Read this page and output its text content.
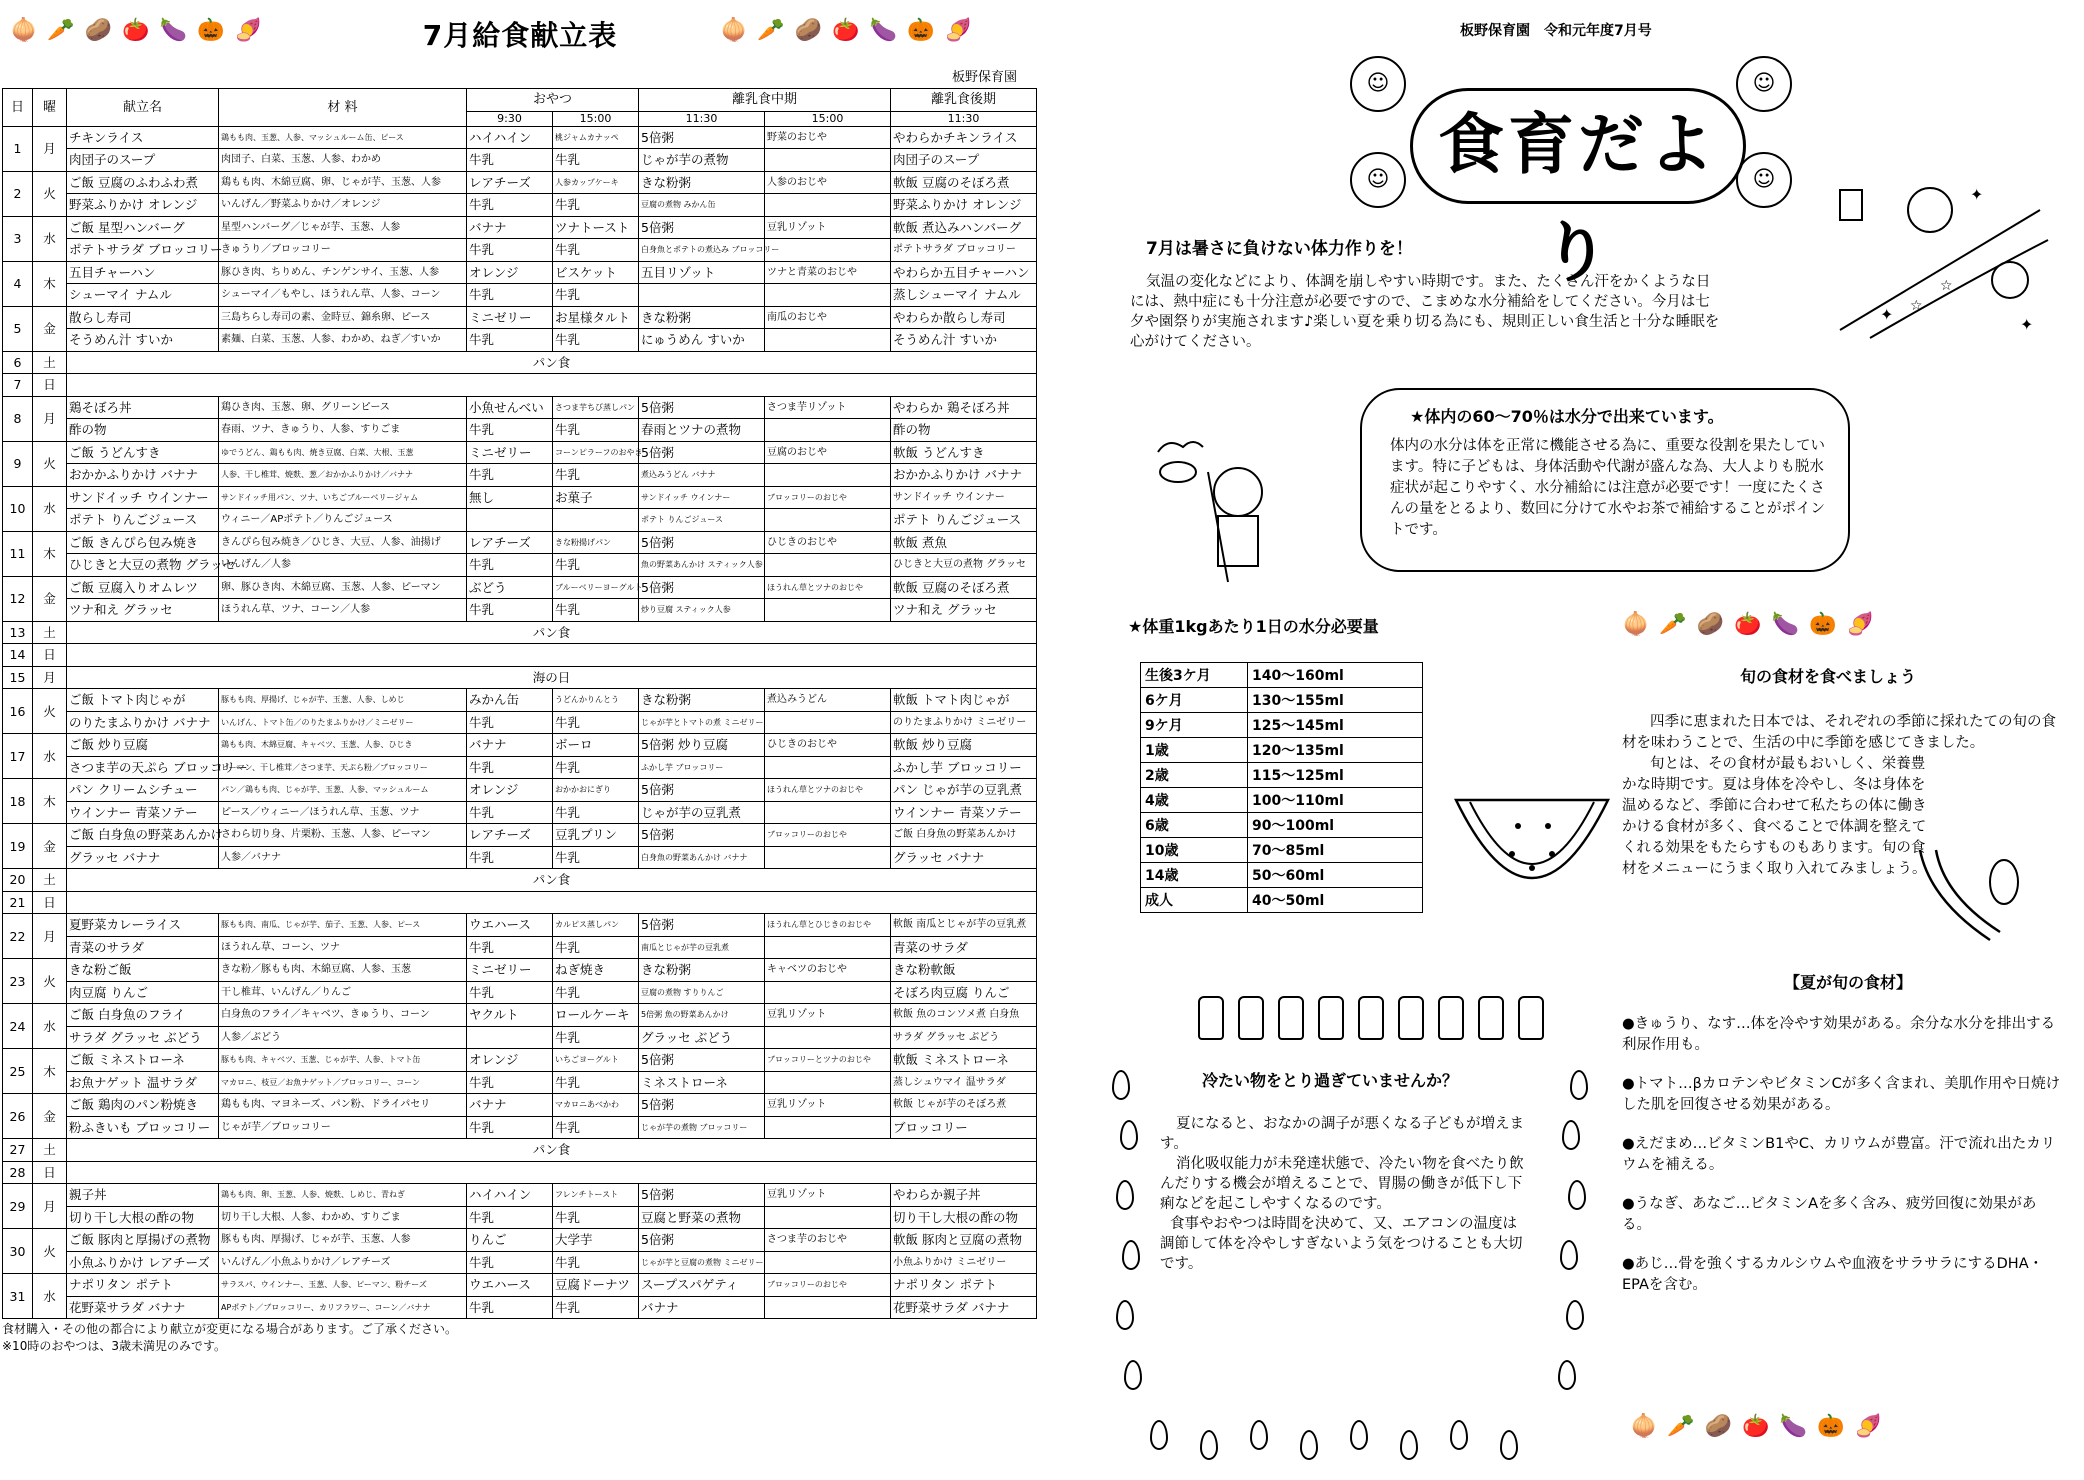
🧅 🥕 🥔 🍅 🍆 🎃 🍠	7月給食献立表	🧅 🥕 🥔 🍅 🍆 🎃 🍠
板野保育園
日	曜	献立名	材 料	おやつ		離乳食中期		離乳食後期
				9:30	15:00	11:30	15:00	11:30
1	月	チキンライス	鶏もも肉、玉葱、人参、マッシュルーム缶、ピース	ハイハイン	桃ジャムカナッペ	5倍粥	野菜のおじや	やわらかチキンライス
		肉団子のスープ	肉団子、白菜、玉葱、人参、わかめ	牛乳	牛乳	じゃが芋の煮物		肉団子のスープ
2	火	ご飯 豆腐のふわふわ煮	鶏もも肉、木綿豆腐、卵、じゃが芋、玉葱、人参	レアチーズ	人参カップケーキ	きな粉粥	人参のおじや	軟飯 豆腐のそぼろ煮
		野菜ふりかけ オレンジ	いんげん／野菜ふりかけ／オレンジ	牛乳	牛乳	豆腐の煮物 みかん缶		野菜ふりかけ オレンジ
3	水	ご飯 星型ハンバーグ	星型ハンバーグ／じゃが芋、玉葱、人参	バナナ	ツナトースト	5倍粥	豆乳リゾット	軟飯 煮込みハンバーグ
		ポテトサラダ ブロッコリー	きゅうり／ブロッコリー	牛乳	牛乳	白身魚とポテトの煮込み ブロッコリー		ポテトサラダ ブロッコリー
4	木	五目チャーハン	豚ひき肉、ちりめん、チンゲンサイ、玉葱、人参	オレンジ	ビスケット	五目リゾット	ツナと青菜のおじや	やわらか五目チャーハン
		シューマイ ナムル	シューマイ／もやし、ほうれん草、人参、コーン	牛乳	牛乳			蒸しシューマイ ナムル
5	金	散らし寿司	三島ちらし寿司の素、金時豆、錦糸卵、ピース	ミニゼリー	お星様タルト	きな粉粥	南瓜のおじや	やわらか散らし寿司
		そうめん汁 すいか	素麺、白菜、玉葱、人参、わかめ、ねぎ／すいか	牛乳	牛乳	にゅうめん すいか		そうめん汁 すいか
6	土	パン食						
7	日							
8	月	鶏そぼろ丼	鶏ひき肉、玉葱、卵、グリーンピース	小魚せんべい	さつま芋ちび蒸しパン	5倍粥	さつま芋リゾット	やわらか 鶏そぼろ丼
		酢の物	春雨、ツナ、きゅうり、人参、すりごま	牛乳	牛乳	春雨とツナの煮物		酢の物
9	火	ご飯 うどんすき	ゆでうどん、鶏もも肉、焼き豆腐、白菜、大根、玉葱	ミニゼリー	コーンピラーフのおやき	5倍粥	豆腐のおじや	軟飯 うどんすき
		おかかふりかけ バナナ	人参、干し椎茸、焼麩、葱／おかかふりかけ／バナナ	牛乳	牛乳	煮込みうどん バナナ		おかかふりかけ バナナ
10	水	サンドイッチ ウインナー	サンドイッチ用パン、ツナ、いちごブルーベリージャム	無し	お菓子	サンドイッチ ウインナー	ブロッコリーのおじや	サンドイッチ ウインナー
		ポテト りんごジュース	ウィニー／APポテト／りんごジュース			ポテト りんごジュース		ポテト りんごジュース
11	木	ご飯 きんぴら包み焼き	きんぴら包み焼き／ひじき、大豆、人参、油揚げ	レアチーズ	きな粉揚げパン	5倍粥	ひじきのおじや	軟飯 煮魚
		ひじきと大豆の煮物 グラッセ	いんげん／人参	牛乳	牛乳	魚の野菜あんかけ スティック人参		ひじきと大豆の煮物 グラッセ
12	金	ご飯 豆腐入りオムレツ	卵、豚ひき肉、木綿豆腐、玉葱、人参、ピーマン	ぶどう	ブルーベリーヨーグルト	5倍粥	ほうれん草とツナのおじや	軟飯 豆腐のそぼろ煮
		ツナ和え グラッセ	ほうれん草、ツナ、コーン／人参	牛乳	牛乳	炒り豆腐 スティック人参		ツナ和え グラッセ
13	土	パン食						
14	日							
15	月	海の日						
16	火	ご飯 トマト肉じゃが	豚もも肉、厚揚げ、じゃが芋、玉葱、人参、しめじ	みかん缶	うどんかりんとう	きな粉粥	煮込みうどん	軟飯 トマト肉じゃが
		のりたまふりかけ バナナ	いんげん、トマト缶／のりたまふりかけ／ミニゼリー	牛乳	牛乳	じゃが芋とトマトの煮 ミニゼリー		のりたまふりかけ ミニゼリー
17	水	ご飯 炒り豆腐	鶏もも肉、木綿豆腐、キャベツ、玉葱、人参、ひじき	バナナ	ボーロ	5倍粥 炒り豆腐	ひじきのおじや	軟飯 炒り豆腐
		さつま芋の天ぷら ブロッコリー	ピーマン、干し椎茸／さつま芋、天ぷら粉／ブロッコリー	牛乳	牛乳	ふかし芋 ブロッコリー		ふかし芋 ブロッコリー
18	木	パン クリームシチュー	パン／鶏もも肉、じゃが芋、玉葱、人参、マッシュルーム	オレンジ	おかかおにぎり	5倍粥	ほうれん草とツナのおじや	パン じゃが芋の豆乳煮
		ウインナー 青菜ソテー	ピース／ウィニー／ほうれん草、玉葱、ツナ	牛乳	牛乳	じゃが芋の豆乳煮		ウインナー 青菜ソテー
19	金	ご飯 白身魚の野菜あんかけ	さわら切り身、片栗粉、玉葱、人参、ピーマン	レアチーズ	豆乳プリン	5倍粥	ブロッコリーのおじや	ご飯 白身魚の野菜あんかけ
		グラッセ バナナ	人参／バナナ	牛乳	牛乳	白身魚の野菜あんかけ バナナ		グラッセ バナナ
20	土	パン食						
21	日							
22	月	夏野菜カレーライス	豚もも肉、南瓜、じゃが芋、茄子、玉葱、人参、ピース	ウエハース	カルピス蒸しパン	5倍粥	ほうれん草とひじきのおじや	軟飯 南瓜とじゃが芋の豆乳煮
		青菜のサラダ	ほうれん草、コーン、ツナ	牛乳	牛乳	南瓜とじゃが芋の豆乳煮		青菜のサラダ
23	火	きな粉ご飯	きな粉／豚もも肉、木綿豆腐、人参、玉葱	ミニゼリー	ねぎ焼き	きな粉粥	キャベツのおじや	きな粉軟飯
		肉豆腐 りんご	干し椎茸、いんげん／りんご	牛乳	牛乳	豆腐の煮物 すりりんご		そぼろ肉豆腐 りんご
24	水	ご飯 白身魚のフライ	白身魚のフライ／キャベツ、きゅうり、コーン	ヤクルト	ロールケーキ	5倍粥 魚の野菜あんかけ	豆乳リゾット	軟飯 魚のコンソメ煮 白身魚
		サラダ グラッセ ぶどう	人参／ぶどう		牛乳	グラッセ ぶどう		サラダ グラッセ ぶどう
25	木	ご飯 ミネストローネ	豚もも肉、キャベツ、玉葱、じゃが芋、人参、トマト缶	オレンジ	いちごヨーグルト	5倍粥	ブロッコリーとツナのおじや	軟飯 ミネストローネ
		お魚ナゲット 温サラダ	マカロニ、枝豆／お魚ナゲット／ブロッコリー、コーン	牛乳	牛乳	ミネストローネ		蒸しシュウマイ 温サラダ
26	金	ご飯 鶏肉のパン粉焼き	鶏もも肉、マヨネーズ、パン粉、ドライパセリ	バナナ	マカロニあべかわ	5倍粥	豆乳リゾット	軟飯 じゃが芋のそぼろ煮
		粉ふきいも ブロッコリー	じゃが芋／ブロッコリー	牛乳	牛乳	じゃが芋の煮物 ブロッコリー		ブロッコリー
27	土	パン食						
28	日							
29	月	親子丼	鶏もも肉、卵、玉葱、人参、焼麩、しめじ、青ねぎ	ハイハイン	フレンチトースト	5倍粥	豆乳リゾット	やわらか親子丼
		切り干し大根の酢の物	切り干し大根、人参、わかめ、すりごま	牛乳	牛乳	豆腐と野菜の煮物		切り干し大根の酢の物
30	火	ご飯 豚肉と厚揚げの煮物	豚もも肉、厚揚げ、じゃが芋、玉葱、人参	りんご	大学芋	5倍粥	さつま芋のおじや	軟飯 豚肉と豆腐の煮物
		小魚ふりかけ レアチーズ	いんげん／小魚ふりかけ／レアチーズ	牛乳	牛乳	じゃが芋と豆腐の煮物 ミニゼリー		小魚ふりかけ ミニゼリー
31	水	ナポリタン ポテト	サラスパ、ウインナー、玉葱、人参、ピーマン、粉チーズ	ウエハース	豆腐ドーナツ	スープスパゲティ	ブロッコリーのおじや	ナポリタン ポテト
		花野菜サラダ バナナ	APポテト／ブロッコリー、カリフラワー、コーン／バナナ	牛乳	牛乳	バナナ		花野菜サラダ バナナ
食材購入・その他の都合により献立が変更になる場合があります。ご了承ください。
※10時のおやつは、3歳未満児のみです。
板野保育園　令和元年度7月号
☺
☺
☺
☺
食育だより
✦
✦
☆
☆
✦
7月は暑さに負けない体力作りを！
気温の変化などにより、体調を崩しやすい時期です。また、たくさん汗をかくような日には、熱中症にも十分注意が必要ですので、こまめな水分補給をしてください。今月は七夕や園祭りが実施されます♪楽しい夏を乗り切る為にも、規則正しい食生活と十分な睡眠を心がけてください。
★体内の60～70％は水分で出来ています。
体内の水分は体を正常に機能させる為に、重要な役割を果たしています。特に子どもは、身体活動や代謝が盛んな為、大人よりも脱水症状が起こりやすく、水分補給には注意が必要です！一度にたくさんの量をとるより、数回に分けて水やお茶で補給することがポイントです。
★体重1kgあたり1日の水分必要量
生後3ケ月	140～160ml
6ケ月	130～155ml
9ケ月	125～145ml
1歳	120～135ml
2歳	115～125ml
4歳	100～110ml
6歳	90～100ml
10歳	70～85ml
14歳	50～60ml
成人	40～50ml
🧅 🥕 🥔 🍅 🍆 🎃 🍠
旬の食材を食べましょう
四季に恵まれた日本では、それぞれの季節に採れたての旬の食材を味わうことで、生活の中に季節を感じてきました。
旬とは、その食材が最もおいしく、栄養豊かな時期です。夏は身体を冷やし、冬は身体を温めるなど、季節に合わせて私たちの体に働きかける食材が多く、食べることで体調を整えてくれる効果をもたらすものもあります。旬の食材をメニューにうまく取り入れてみましょう。
【夏が旬の食材】
●きゅうり、なす…体を冷やす効果がある。余分な水分を排出する利尿作用も。
●トマト…βカロテンやビタミンCが多く含まれ、美肌作用や日焼けした肌を回復させる効果がある。
●えだまめ…ビタミンB1やC、カリウムが豊富。汗で流れ出たカリウムを補える。
●うなぎ、あなご…ビタミンAを多く含み、疲労回復に効果がある。
●あじ…骨を強くするカルシウムや血液をサラサラにするDHA・EPAを含む。
🧅 🥕 🥔 🍅 🍆 🎃 🍠
冷たい物をとり過ぎていませんか？
夏になると、おなかの調子が悪くなる子どもが増えます。
消化吸収能力が未発達状態で、冷たい物を食べたり飲んだりする機会が増えることで、胃腸の働きが低下し下痢などを起こしやすくなるのです。
食事やおやつは時間を決めて、又、エアコンの温度は調節して体を冷やしすぎないよう気をつけることも大切です。
